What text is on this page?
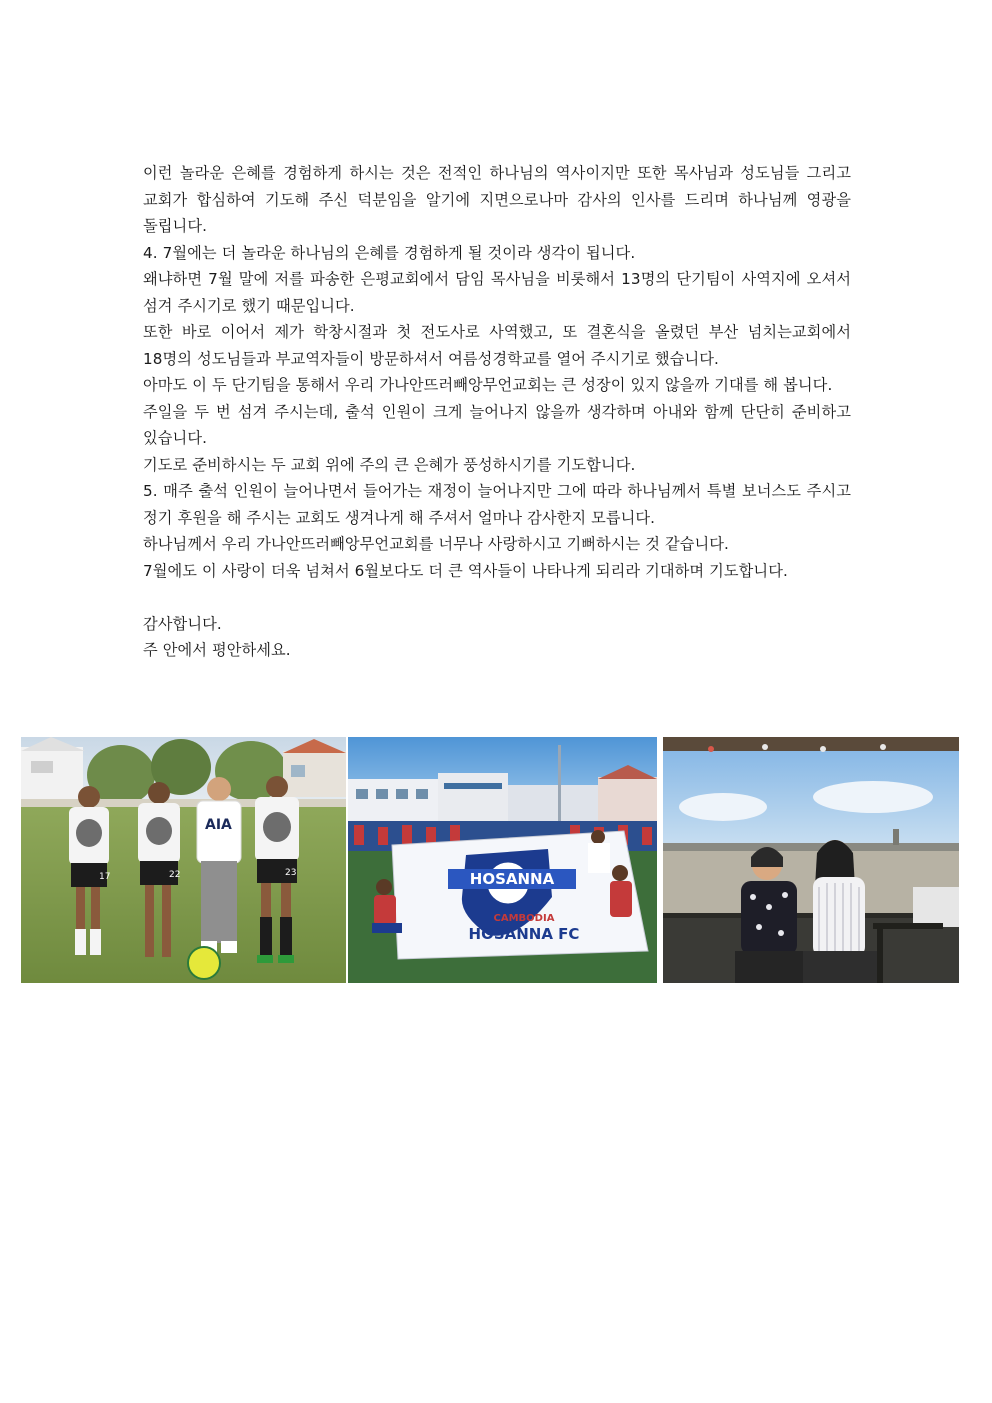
이런 놀라운 은혜를 경험하게 하시는 것은 전적인 하나님의 역사이지만 또한 목사님과 성도님들 그리고 교회가 합심하여 기도해 주신 덕분임을 알기에 지면으로나마 감사의 인사를 드리며 하나님께 영광을 돌립니다.

4. 7월에는 더 놀라운 하나님의 은혜를 경험하게 될 것이라 생각이 됩니다.

왜냐하면 7월 말에 저를 파송한 은평교회에서 담임 목사님을 비롯해서 13명의 단기팀이 사역지에 오셔서 섬겨 주시기로 했기 때문입니다.

또한 바로 이어서 제가 학창시절과 첫 전도사로 사역했고, 또 결혼식을 올렸던 부산 넘치는교회에서 18명의 성도님들과 부교역자들이 방문하셔서 여름성경학교를 열어 주시기로 했습니다.

아마도 이 두 단기팀을 통해서 우리 가나안뜨러빼앙무언교회는 큰 성장이 있지 않을까 기대를 해 봅니다.

주일을 두 번 섬겨 주시는데, 출석 인원이 크게 늘어나지 않을까 생각하며 아내와 함께 단단히 준비하고 있습니다.

기도로 준비하시는 두 교회 위에 주의 큰 은혜가 풍성하시기를 기도합니다.

5. 매주 출석 인원이 늘어나면서 들어가는 재정이 늘어나지만 그에 따라 하나님께서 특별 보너스도 주시고 정기 후원을 해 주시는 교회도 생겨나게 해 주셔서 얼마나 감사한지 모릅니다.

하나님께서 우리 가나안뜨러빼앙무언교회를 너무나 사랑하시고 기뻐하시는 것 같습니다.

7월에도 이 사랑이 더욱 넘쳐서 6월보다도 더 큰 역사들이 나타나게 되리라 기대하며 기도합니다.

감사합니다.

주 안에서 평안하세요.

17	22
AIA
23	HOSANNA
CAMBODIA
HOSANNA FC
